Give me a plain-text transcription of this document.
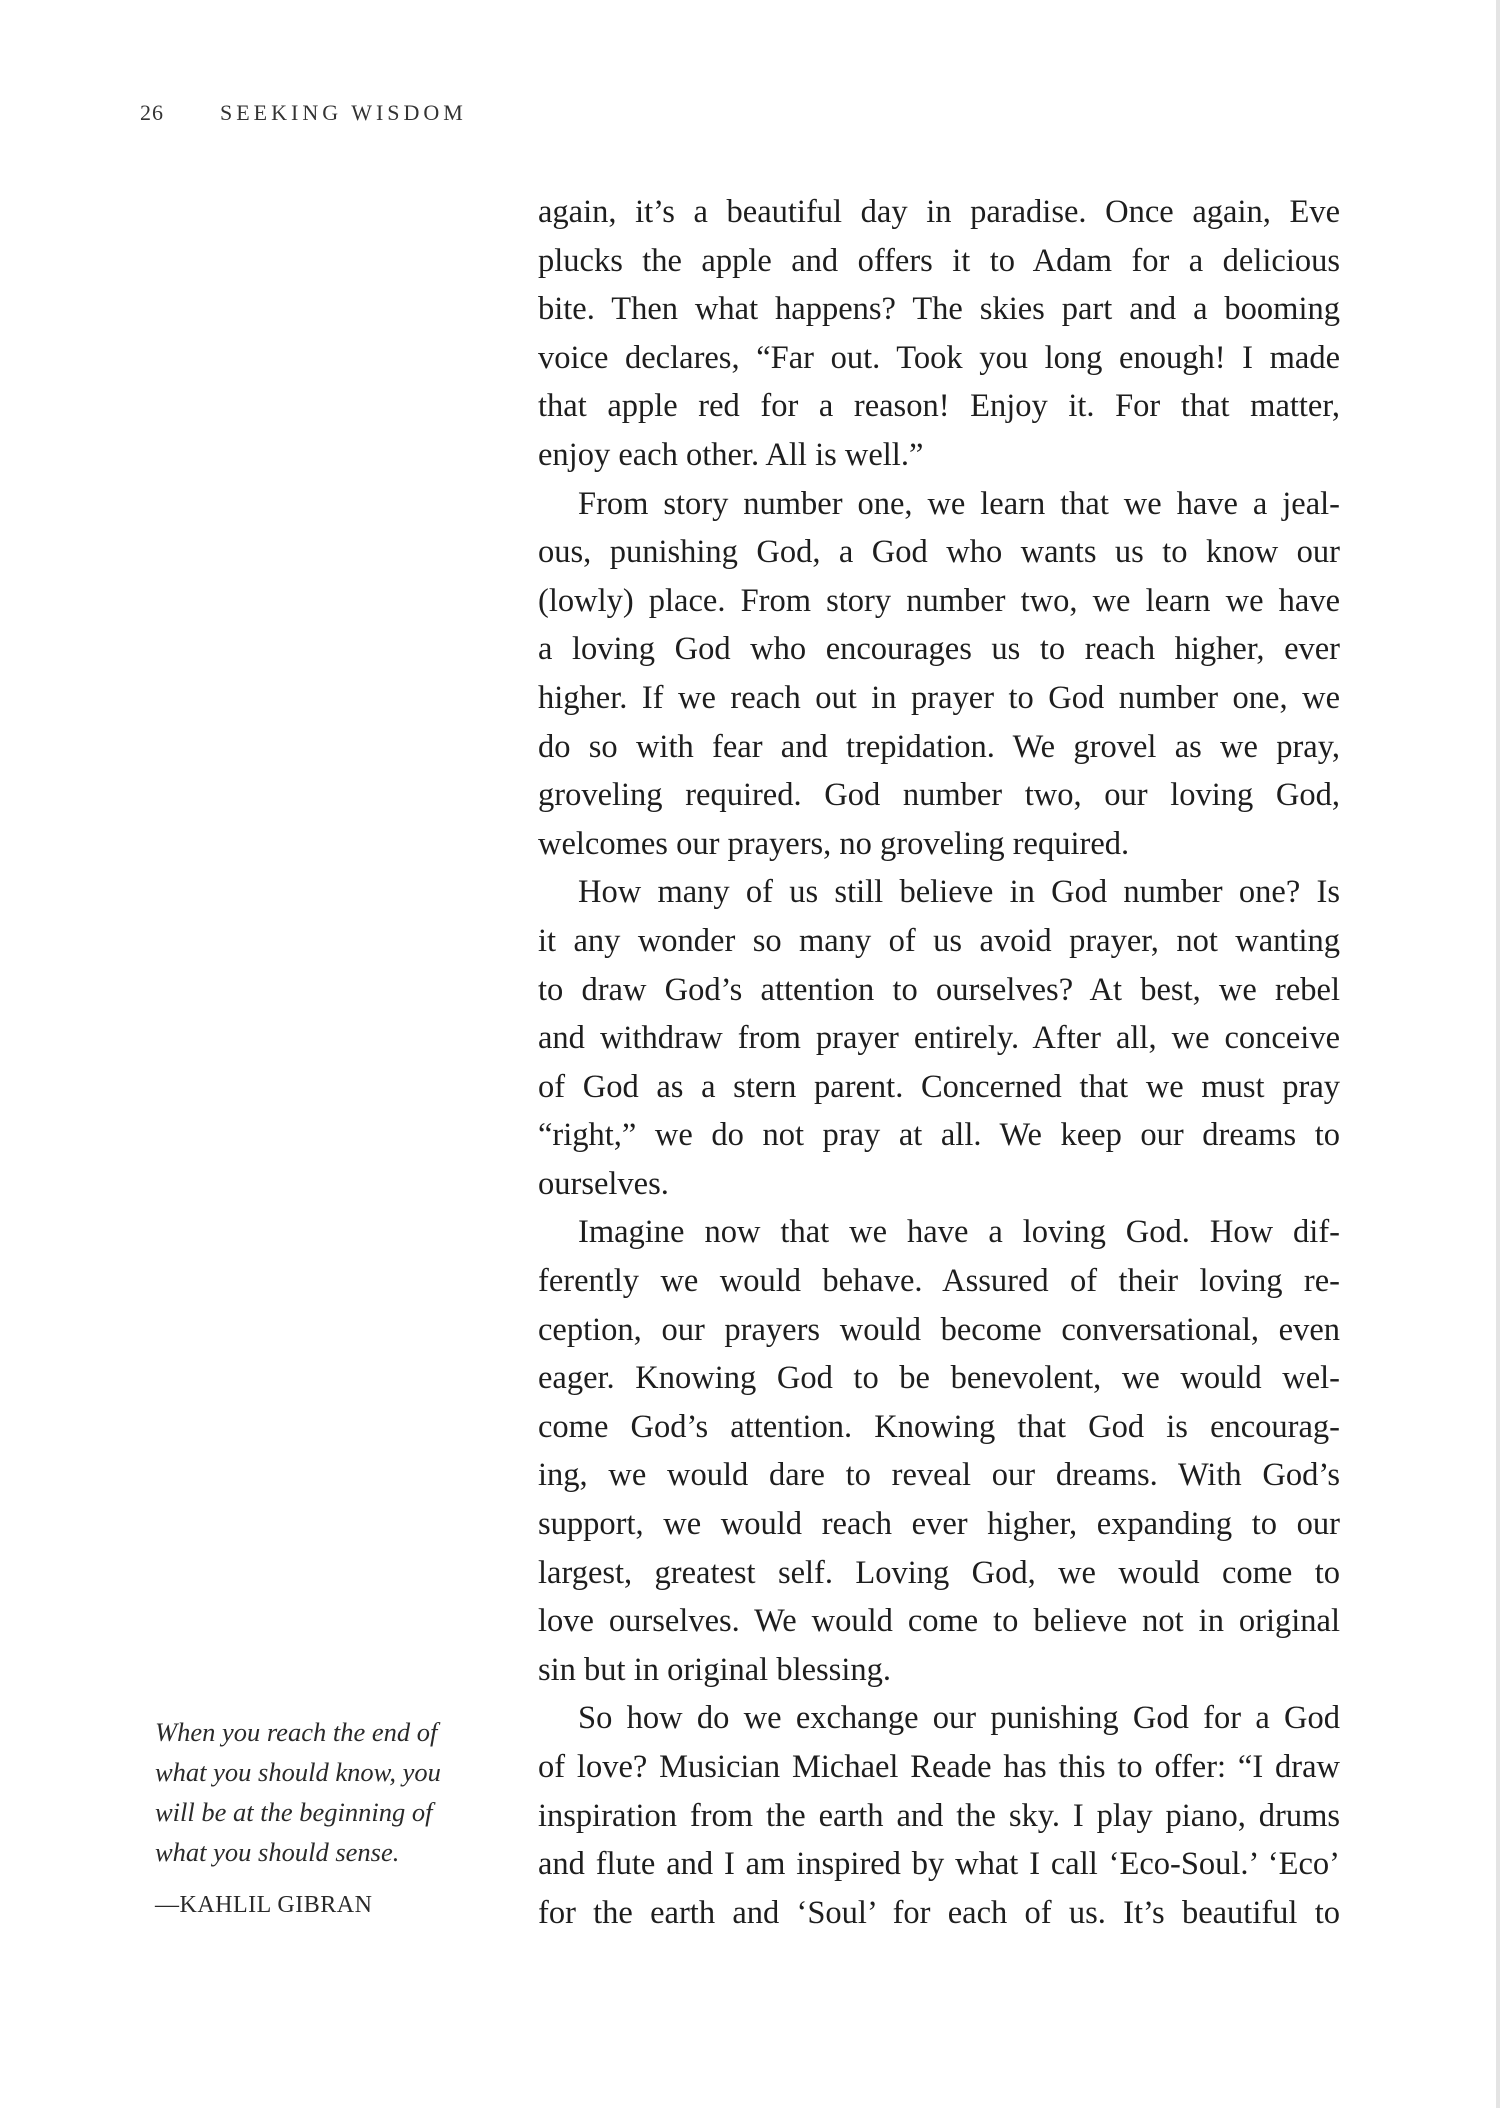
26	SEEKING WISDOM
again, it’s a beautiful day in paradise. Once again, Eve
plucks the apple and offers it to Adam for a delicious
bite. Then what happens? The skies part and a booming
voice declares, “Far out. Took you long enough! I made
that apple red for a reason! Enjoy it. For that matter,
enjoy each other. All is well.”
From story number one, we learn that we have a jeal-
ous, punishing God, a God who wants us to know our
(lowly) place. From story number two, we learn we have
a loving God who encourages us to reach higher, ever
higher. If we reach out in prayer to God number one, we
do so with fear and trepidation. We grovel as we pray,
groveling required. God number two, our loving God,
welcomes our prayers, no groveling required.
How many of us still believe in God number one? Is
it any wonder so many of us avoid prayer, not wanting
to draw God’s attention to ourselves? At best, we rebel
and withdraw from prayer entirely. After all, we conceive
of God as a stern parent. Concerned that we must pray
“right,” we do not pray at all. We keep our dreams to
ourselves.
Imagine now that we have a loving God. How dif-
ferently we would behave. Assured of their loving re-
ception, our prayers would become conversational, even
eager. Knowing God to be benevolent, we would wel-
come God’s attention. Knowing that God is encourag-
ing, we would dare to reveal our dreams. With God’s
support, we would reach ever higher, expanding to our
largest, greatest self. Loving God, we would come to
love ourselves. We would come to believe not in original
sin but in original blessing.
So how do we exchange our punishing God for a God
of love? Musician Michael Reade has this to offer: “I draw
inspiration from the earth and the sky. I play piano, drums
and flute and I am inspired by what I call ‘Eco-Soul.’ ‘Eco’
for the earth and ‘Soul’ for each of us. It’s beautiful to
When you reach the end of
what you should know, you
will be at the beginning of
what you should sense.
—KAHLIL GIBRAN
